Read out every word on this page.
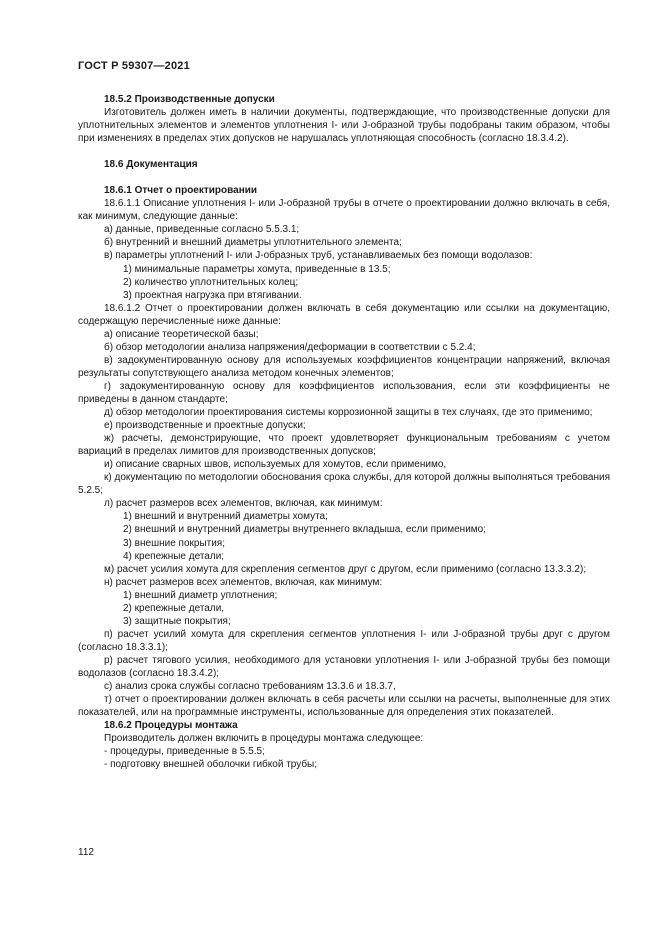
ГОСТ Р 59307—2021

18.5.2 Производственные допуски

Изготовитель должен иметь в наличии документы, подтверждающие, что производственные допуски для уплотнительных элементов и элементов уплотнения I- или J-образной трубы подобраны таким образом, чтобы при изменениях в пределах этих допусков не нарушалась уплотняющая способность (согласно 18.3.4.2).

18.6 Документация

18.6.1 Отчет о проектировании

18.6.1.1 Описание уплотнения I- или J-образной трубы в отчете о проектировании должно включать в себя, как минимум, следующие данные:

а) данные, приведенные согласно 5.5.3.1;

б) внутренний и внешний диаметры уплотнительного элемента;

в) параметры уплотнений I- или J-образных труб, устанавливаемых без помощи водолазов:

1) минимальные параметры хомута, приведенные в 13.5;

2) количество уплотнительных колец;

3) проектная нагрузка при втягивании.

18.6.1.2 Отчет о проектировании должен включать в себя документацию или ссылки на документацию, содержащую перечисленные ниже данные:

а) описание теоретической базы;

б) обзор методологии анализа напряжения/деформации в соответствии с 5.2.4;

в) задокументированную основу для используемых коэффициентов концентрации напряжений, включая результаты сопутствующего анализа методом конечных элементов;

г) задокументированную основу для коэффициентов использования, если эти коэффициенты не приведены в данном стандарте;

д) обзор методологии проектирования системы коррозионной защиты в тех случаях, где это применимо;

е) производственные и проектные допуски;

ж) расчеты, демонстрирующие, что проект удовлетворяет функциональным требованиям с учетом вариаций в пределах лимитов для производственных допусков;

и) описание сварных швов, используемых для хомутов, если применимо,

к) документацию по методологии обоснования срока службы, для которой должны выполняться требования 5.2.5;

л) расчет размеров всех элементов, включая, как минимум:

1) внешний и внутренний диаметры хомута;

2) внешний и внутренний диаметры внутреннего вкладыша, если применимо;

3) внешние покрытия;

4) крепежные детали;

м) расчет усилия хомута для скрепления сегментов друг с другом, если применимо (согласно 13.3.3.2);

н) расчет размеров всех элементов, включая, как минимум:

1) внешний диаметр уплотнения;

2) крепежные детали,

3) защитные покрытия;

п) расчет усилий хомута для скрепления сегментов уплотнения I- или J-образной трубы друг с другом (согласно 18.3.3.1);

р) расчет тягового усилия, необходимого для установки уплотнения I- или J-образной трубы без помощи водолазов (согласно 18.3.4.2);

с) анализ срока службы согласно требованиям 13.3.6 и 18.3.7,

т) отчет о проектировании должен включать в себя расчеты или ссылки на расчеты, выполненные для этих показателей, или на программные инструменты, использованные для определения этих показателей.

18.6.2 Процедуры монтажа

Производитель должен включить в процедуры монтажа следующее:

- процедуры, приведенные в 5.5.5;

- подготовку внешней оболочки гибкой трубы;

112
